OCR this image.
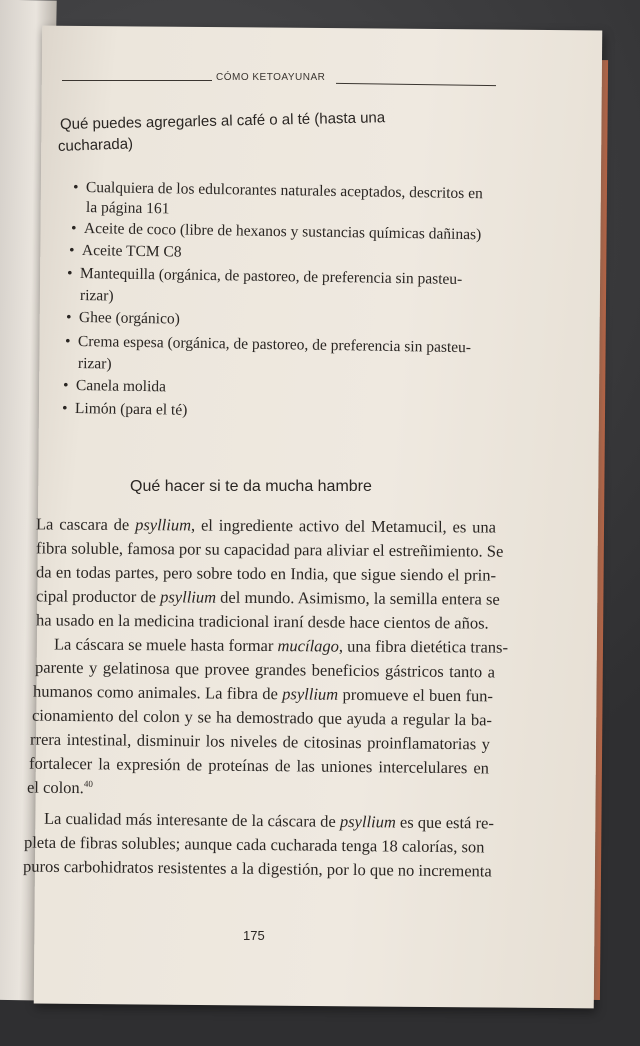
CÓMO KETOAYUNAR
Qué puedes agregarles al café o al té (hasta una
cucharada)
• Cualquiera de los edulcorantes naturales aceptados, descritos en
la página 161
• Aceite de coco (libre de hexanos y sustancias químicas dañinas)
• Aceite TCM C8
• Mantequilla (orgánica, de pastoreo, de preferencia sin pasteu-
rizar)
• Ghee (orgánico)
• Crema espesa (orgánica, de pastoreo, de preferencia sin pasteu-
rizar)
• Canela molida
• Limón (para el té)
Qué hacer si te da mucha hambre
La cascara de psyllium, el ingrediente activo del Metamucil, es una
fibra soluble, famosa por su capacidad para aliviar el estreñimiento. Se
da en todas partes, pero sobre todo en India, que sigue siendo el prin-
cipal productor de psyllium del mundo. Asimismo, la semilla entera se
ha usado en la medicina tradicional iraní desde hace cientos de años.
La cáscara se muele hasta formar mucílago, una fibra dietética trans-
parente y gelatinosa que provee grandes beneficios gástricos tanto a
humanos como animales. La fibra de psyllium promueve el buen fun-
cionamiento del colon y se ha demostrado que ayuda a regular la ba-
rrera intestinal, disminuir los niveles de citosinas proinflamatorias y
fortalecer la expresión de proteínas de las uniones intercelulares en
el colon.$^{40}$
La cualidad más interesante de la cáscara de psyllium es que está re-
pleta de fibras solubles; aunque cada cucharada tenga 18 calorías, son
puros carbohidratos resistentes a la digestión, por lo que no incrementa
175
